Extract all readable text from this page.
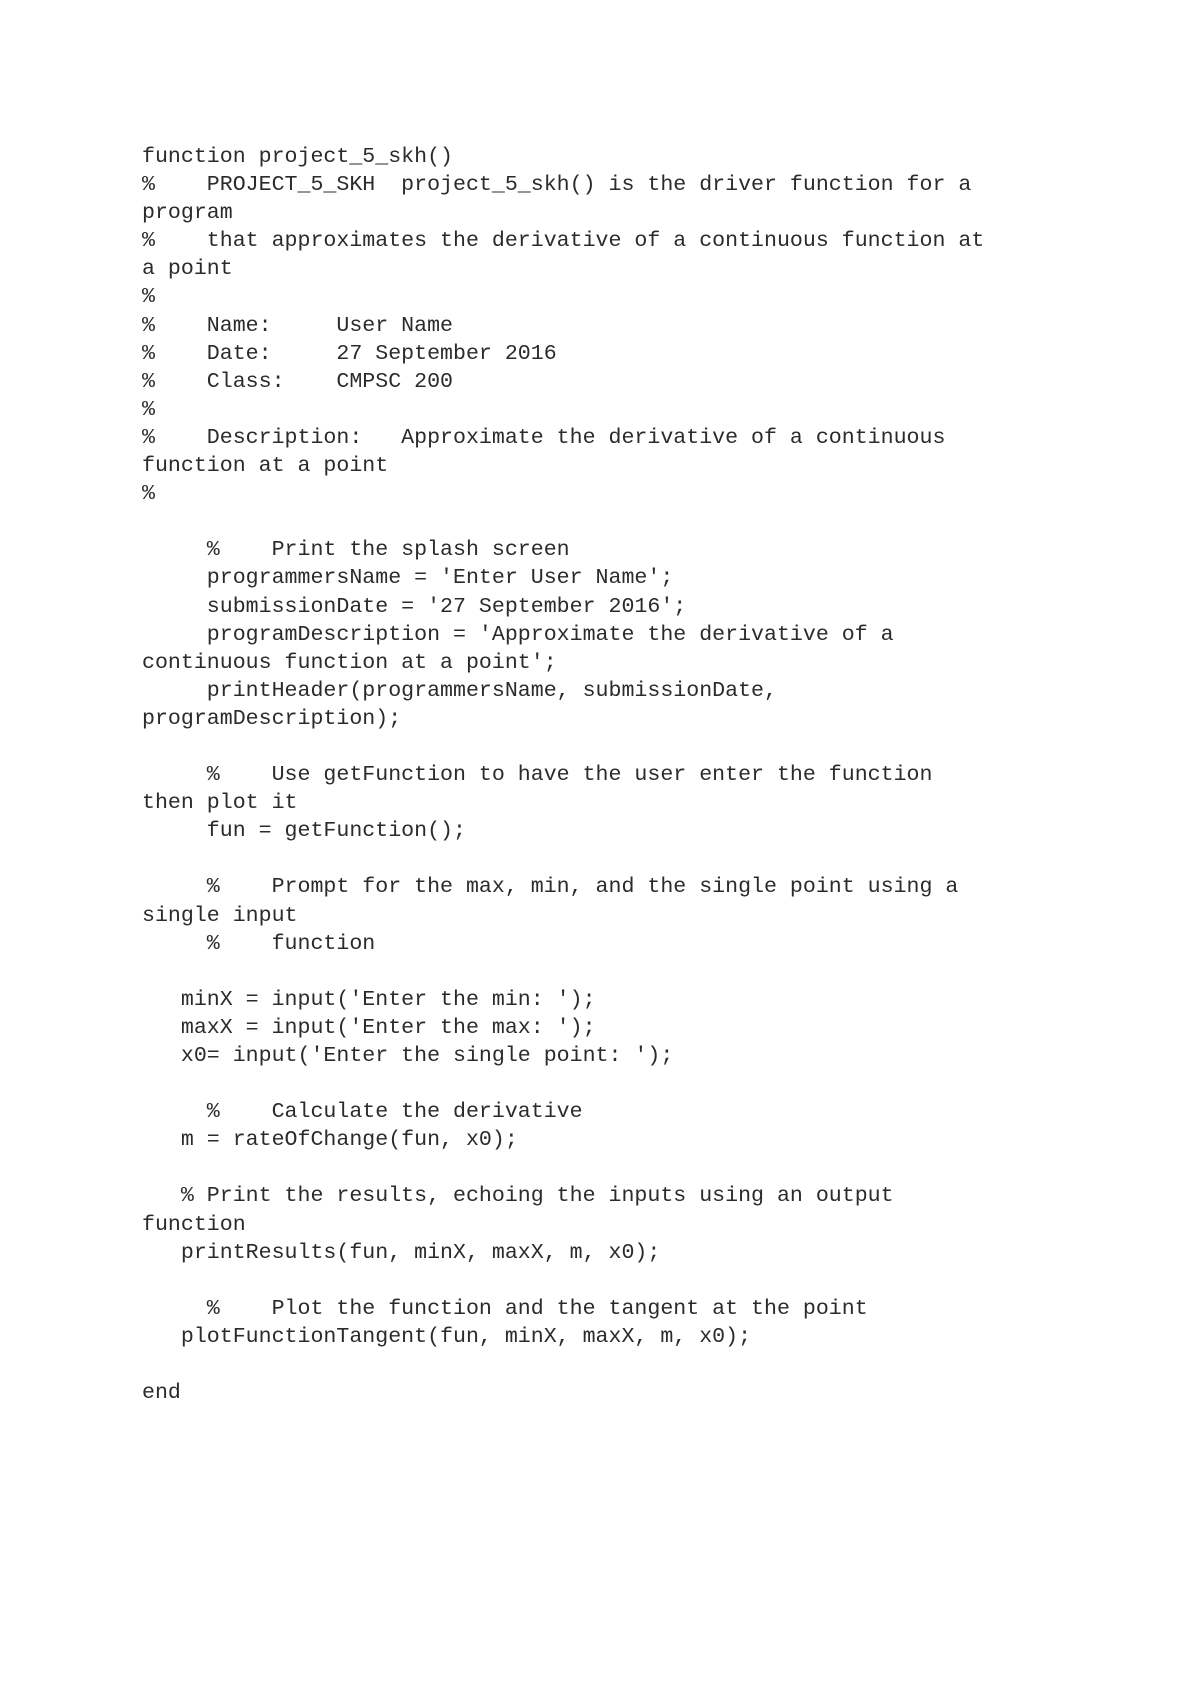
function project_5_skh()
%    PROJECT_5_SKH  project_5_skh() is the driver function for a
program
%    that approximates the derivative of a continuous function at
a point
%
%    Name:     User Name
%    Date:     27 September 2016
%    Class:    CMPSC 200
%
%    Description:   Approximate the derivative of a continuous
function at a point
%
%    Print the splash screen
programmersName = 'Enter User Name';
submissionDate = '27 September 2016';
programDescription = 'Approximate the derivative of a
continuous function at a point';
printHeader(programmersName, submissionDate,
programDescription);
%    Use getFunction to have the user enter the function
then plot it
fun = getFunction();
%    Prompt for the max, min, and the single point using a
single input
%    function
minX = input('Enter the min: ');
maxX = input('Enter the max: ');
x0= input('Enter the single point: ');
%    Calculate the derivative
m = rateOfChange(fun, x0);
% Print the results, echoing the inputs using an output
function
printResults(fun, minX, maxX, m, x0);
%    Plot the function and the tangent at the point
plotFunctionTangent(fun, minX, maxX, m, x0);
end
